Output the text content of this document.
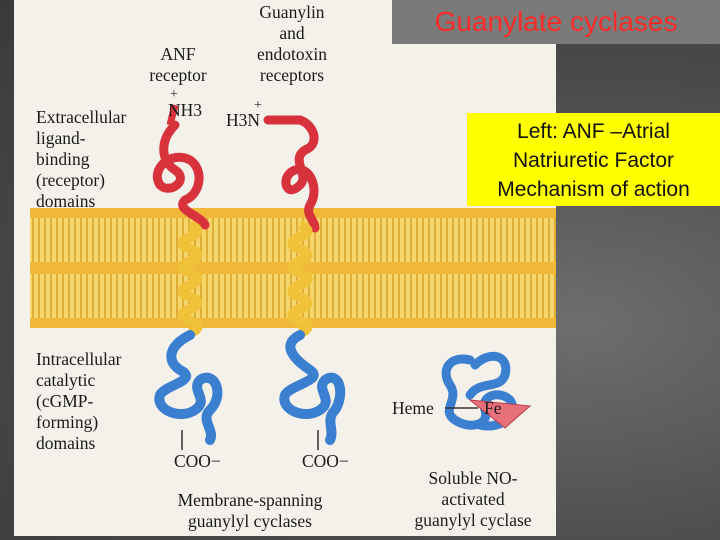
Guanylate cyclases
Left: ANF –Atrial
Natriuretic Factor
Mechanism of action
ANF
receptor
Guanylin
and
endotoxin
receptors
Extracellular
ligand-
binding
(receptor)
domains
NH3
+
H3N
+
Intracellular
catalytic
(cGMP-
forming)
domains
Heme	Fe
COO−	COO−
Membrane-spanning
guanylyl cyclases
Soluble NO-
activated
guanylyl cyclase
